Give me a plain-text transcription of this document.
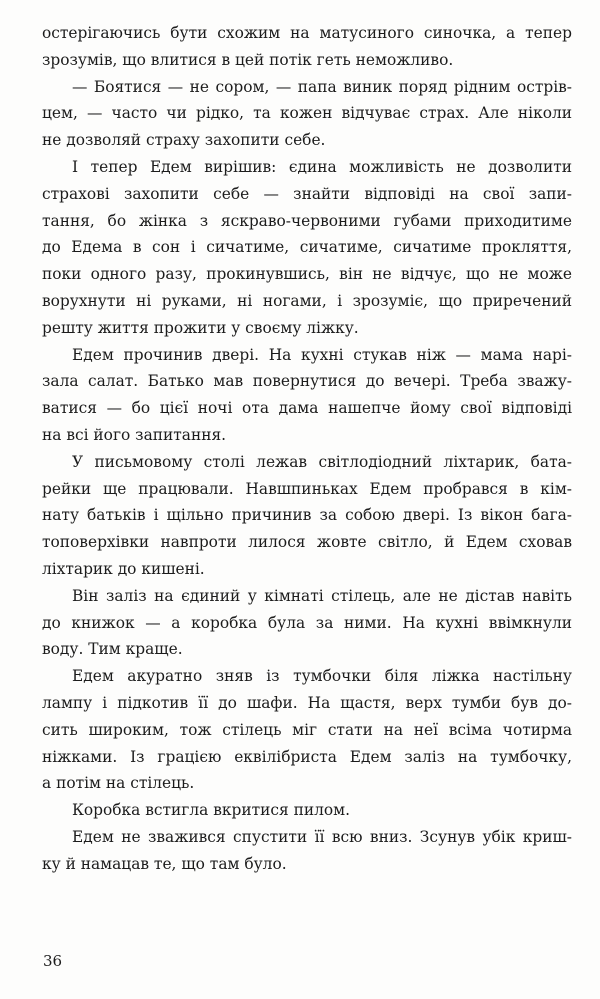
остерігаючись бути схожим на матусиного синочка, а тепер
зрозумів, що влитися в цей потік геть неможливо.
— Боятися — не сором, — папа виник поряд рідним острів-
цем, — часто чи рідко, та кожен відчуває страх. Але ніколи
не дозволяй страху захопити себе.
І тепер Едем вирішив: єдина можливість не дозволити
страхові захопити себе — знайти відповіді на свої запи-
тання, бо жінка з яскраво-червоними губами приходитиме
до Едема в сон і сичатиме, сичатиме, сичатиме прокляття,
поки одного разу, прокинувшись, він не відчує, що не може
ворухнути ні руками, ні ногами, і зрозуміє, що приречений
решту життя прожити у своєму ліжку.
Едем прочинив двері. На кухні стукав ніж — мама нарі-
зала салат. Батько мав повернутися до вечері. Треба зважу-
ватися — бо цієї ночі ота дама нашепче йому свої відповіді
на всі його запитання.
У письмовому столі лежав світлодіодний ліхтарик, бата-
рейки ще працювали. Навшпиньках Едем пробрався в кім-
нату батьків і щільно причинив за собою двері. Із вікон бага-
топоверхівки навпроти лилося жовте світло, й Едем сховав
ліхтарик до кишені.
Він заліз на єдиний у кімнаті стілець, але не дістав навіть
до книжок — а коробка була за ними. На кухні ввімкнули
воду. Тим краще.
Едем акуратно зняв із тумбочки біля ліжка настільну
лампу і підкотив її до шафи. На щастя, верх тумби був до-
сить широким, тож стілець міг стати на неї всіма чотирма
ніжками. Із грацією еквілібриста Едем заліз на тумбочку,
а потім на стілець.
Коробка встигла вкритися пилом.
Едем не зважився спустити її всю вниз. Зсунув убік криш-
ку й намацав те, що там було.
36
